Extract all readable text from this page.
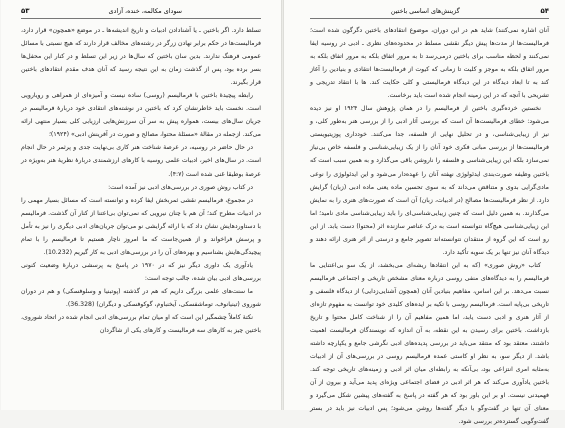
۵۴
گزینش‌های اساسی باختین

آنان اشاره نمی‌کنند) شاید هم در این دوران، موضوع انتقادهای باختین دگرگون شده است؛ فرمالیست‌ها از مدت‌ها پیش دیگر نقشی مسلط در محدوده‌های نظری ـ ادبی در روسیه ایفا نمی‌کنند و لحظه مناسب برای باختین درمی‌رسد تا به مرور اتفاق بلکه به مرور اتفاق بلکه به مرور اتفاق بلکه به موجز و کلیت تا زمانی که کیوت از فرمالیست‌ها انتقادی و بنیادین را آغاز کند به تا ابعاد دیدگاه در این دیدگاه فرمالیستی و کلی حکایت کند. ها با انتقاد تدریجی و تشریحی با آنچه که در این زمینه انجام شده است باید برخاست.

نخستین خرده‌گیری باختین از فرمالیسم را در همان پژوهش سال ۱۹۲۴ او نیز دیده می‌شود: خطای فرمالیست‌ها آن است که بررسی آثار ادبی را از بررسی هنر به‌طور کلی، و نیز از زیبایی‌شناسی، و در تحلیل نهایی از فلسفه، جدا می‌کنند. خودداری پوزیتیویستی فرمالیست‌ها از بررسی مبانی فکری خود آنان را از یک زیبایی‌شناسی و فلسفه خاص بی‌نیاز نمی‌سازد بلکه این زیبایی‌شناسی و فلسفه را ناروشن باقی می‌گذارد و به همین سبب است که باختین وظیفه صورت‌بندی ایدئولوژی نهفته آنان را عهده‌دار می‌شود و این ایدئولوژی را نوعی مادی‌گرایی بدوی و متناقض می‌داند که به سوی تحسین ماده یعنی ماده ادبی (زبان) گرایش دارد. از نظر فرمالیست‌ها مصالح (در ادبیات، زبان) آن است که صورت‌های هنری را به نمایش می‌گذارند. به همین دلیل است که چنین زیبایی‌شناسی‌ای را باید زیبایی‌شناسی مادی نامید؛ اما این زیبایی‌شناسی هیچ‌گاه نتوانسته است به درک عناصر سازنده اثر (محتوا) دست یابد. از این رو است که این گروه از منتقدان نتوانسته‌اند تصویر جامع و درستی از اثر هنری ارائه دهند و دیدگاه آنان نیز تنها بر یک سویه تأکید دارد.

کتاب «روش صوری» (که به این انتقادها ریشه‌ای می‌بخشد، از یک سو بی‌اعتنایی ما فرمالیسم را به دیدگاه‌های منفی روسی درباره معنای مشخص تاریخی و اجتماعی فرمالیسم نسبت می‌دهد. بر این اساس، مفاهیم بنیادین آنان (همچون آشنایی‌زدایی) از دیدگاه فلسفی و تاریخی بی‌پایه است. فرمالیسم روسی با تکیه بر ایده‌های کلیدی خود توانست به مفهوم تازه‌ای از آثار هنری و ادبی دست یابد، اما همین مفاهیم آن را از شناخت کامل محتوا و تاریخ بازداشت. باختین برای رسیدن به این نقطه، به آن اندازه که نویسندگان فرمالیست اهمیت داشتند، معتقد بود که منتقد می‌باید در بررسی پدیده‌های ادبی نگرشی جامع و یکپارچه داشته باشد. از دیگر سو، به نظر او کاستی عمده فرمالیسم روسی در بررسی‌های آن از ادبیات به‌مثابه امری انتزاعی بود، بی‌آنکه به رابطه‌ای میان اثر ادبی و زمینه‌های تاریخی توجه کند. باختین یادآوری می‌کند که هر اثر ادبی در فضای اجتماعی ویژه‌ای پدید می‌آید و بیرون از آن فهمیدنی نیست. او بر این باور بود که هر گفته در پاسخ به گفته‌های پیشین شکل می‌گیرد و معنای آن تنها در گفت‌وگو با دیگر گفته‌ها روشن می‌شود؛ پس ادبیات نیز باید در بستر گفت‌وگویی گسترده‌تر بررسی شود.

سودای مکالمه، خنده، آزادی
۵۳

تسلط دارد. اگر باختین ـ یا آشنادادن ادبیات و تاریخ اندیشه‌ها ـ در موضع «همچون» قرار دارد، فرمالیست‌ها در حکم برابر نهادن زرگر در رشته‌های مخالف قرار دارند که هیچ نسبتی با مسائل عمومی فرهنگ ندارند. بدین سان باختین که سال‌ها در زیر این تسلط و در کنار این محفل‌ها بسر برده بود، پس از گذشت زمان به این نتیجه رسید که آنان هدف مقدم انتقادهای باختین قرار بگیرند.

رابطه پیچیدهٔ باختین با فرمالیسم (روسی) ساده نیست و آمیزه‌ای از همراهی و رویارویی است. نخست باید خاطرنشان کرد که باختین در نوشته‌های انتقادی خود دربارهٔ فرمالیسم در جریان سال‌های بیست، همواره پیش به سر آن سرزنش‌هایی ارزیابی کلی بسیار منتهی ارائه می‌کند. ازجمله در مقالهٔ «مسئلهٔ محتوا، مصالح و صورت در آفرینش ادبی» (۱۹۲۴)؛

در حال حاضر در روسیه، در عرصهٔ شناخت هنر کاری بی‌نهایت جدی و پرثمر در حال انجام است. در سال‌های اخیر، ادبیات علمی روسیه با کارهای ارزشمندی دربارهٔ نظریهٔ هنر به‌ویژه در عرصهٔ بوطیقا غنی شده است (۴:۷).

در کتاب روش صوری در بررسی‌های ادبی نیز آمده است:

در مجموع، فرمالیسم نقشی ثمربخش ایفا کرده و توانسته است که مسائل بسیار مهمی را در ادبیات مطرح کند؛ آن هم با چنان نیرویی که نمی‌توان بی‌اعتنا از کنار آن گذشت. فرمالیسم با دستاوردهایش نشان داد که با ارائه گرایشی نو می‌توان جریان‌های ادبی دیگری را نیز به تأمل و پرسش فراخواند و از همین‌جاست که ما امروز ناچار هستیم تا فرمالیسم را با تمام پیچیدگی‌هایش بشناسیم و بهره‌های آن را در بررسی‌های ادبی به کار گیریم (10.232).

یادآوری یک داوری دیگر نیز که در ۱۹۷۰ در پاسخ به پرسشی دربارهٔ وضعیت کنونی بررسی‌های ادبی بیان شده، جالب توجه است:

ما سنت‌های علمی بزرگی داریم که هم در گذشته (پوتبنیا و وسلوفسکی) و هم در دوران شوروی (تینیانوف، توماشفسکی، آیخنباوم، گوکوفسکی و دیگران) (36.328).

نکتهٔ کاملاً چشمگیر این است که او میان تمام بررسی‌های ادبی انجام شده در اتحاد شوروی، باختین چیز به کارهای سه فرمالیست و کارهای یکی از شاگردان
